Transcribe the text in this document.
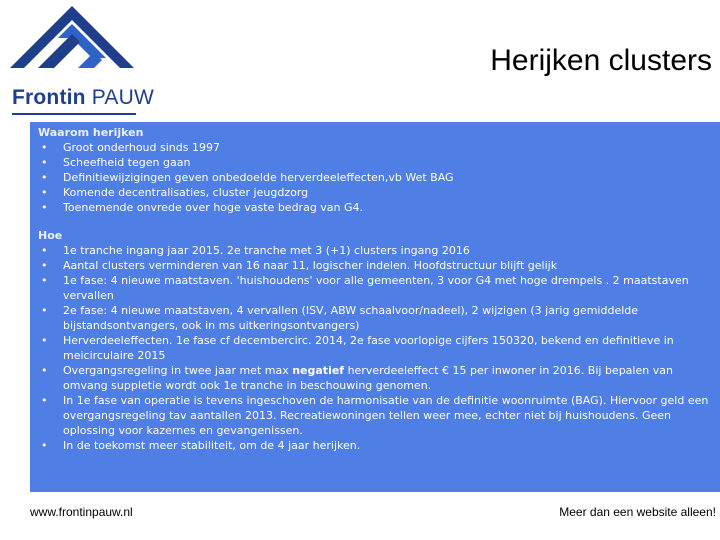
Frontin PAUW
Herijken clusters
Waarom herijken
• Groot onderhoud sinds 1997
• Scheefheid tegen gaan
• Definitiewijzigingen geven onbedoelde herverdeeleffecten,vb Wet BAG
• Komende decentralisaties, cluster jeugdzorg
• Toenemende onvrede over hoge vaste bedrag van G4.
Hoe
• 1e tranche ingang jaar 2015. 2e tranche met 3 (+1) clusters ingang 2016
• Aantal clusters verminderen van 16 naar 11, logischer indelen. Hoofdstructuur blijft gelijk
• 1e fase: 4 nieuwe maatstaven. 'huishoudens' voor alle gemeenten, 3 voor G4 met hoge drempels . 2 maatstaven vervallen
• 2e fase: 4 nieuwe maatstaven, 4 vervallen (ISV, ABW schaalvoor/nadeel), 2 wijzigen (3 jarig gemiddelde bijstandsontvangers, ook in ms uitkeringsontvangers)
• Herverdeeleffecten. 1e fase cf decembercirc. 2014, 2e fase voorlopige cijfers 150320, bekend en definitieve in meicirculaire 2015
• Overgangsregeling in twee jaar met max negatief herverdeeleffect € 15 per inwoner in 2016. Bij bepalen van omvang suppletie wordt ook 1e tranche in beschouwing genomen.
• In 1e fase van operatie is tevens ingeschoven de harmonisatie van de definitie woonruimte (BAG). Hiervoor geld een overgangsregeling tav aantallen 2013. Recreatiewoningen tellen weer mee, echter niet bij huishoudens. Geen oplossing voor kazernes en gevangenissen.
• In de toekomst meer stabiliteit, om de 4 jaar herijken.
www.frontinpauw.nl	Meer dan een website alleen!
